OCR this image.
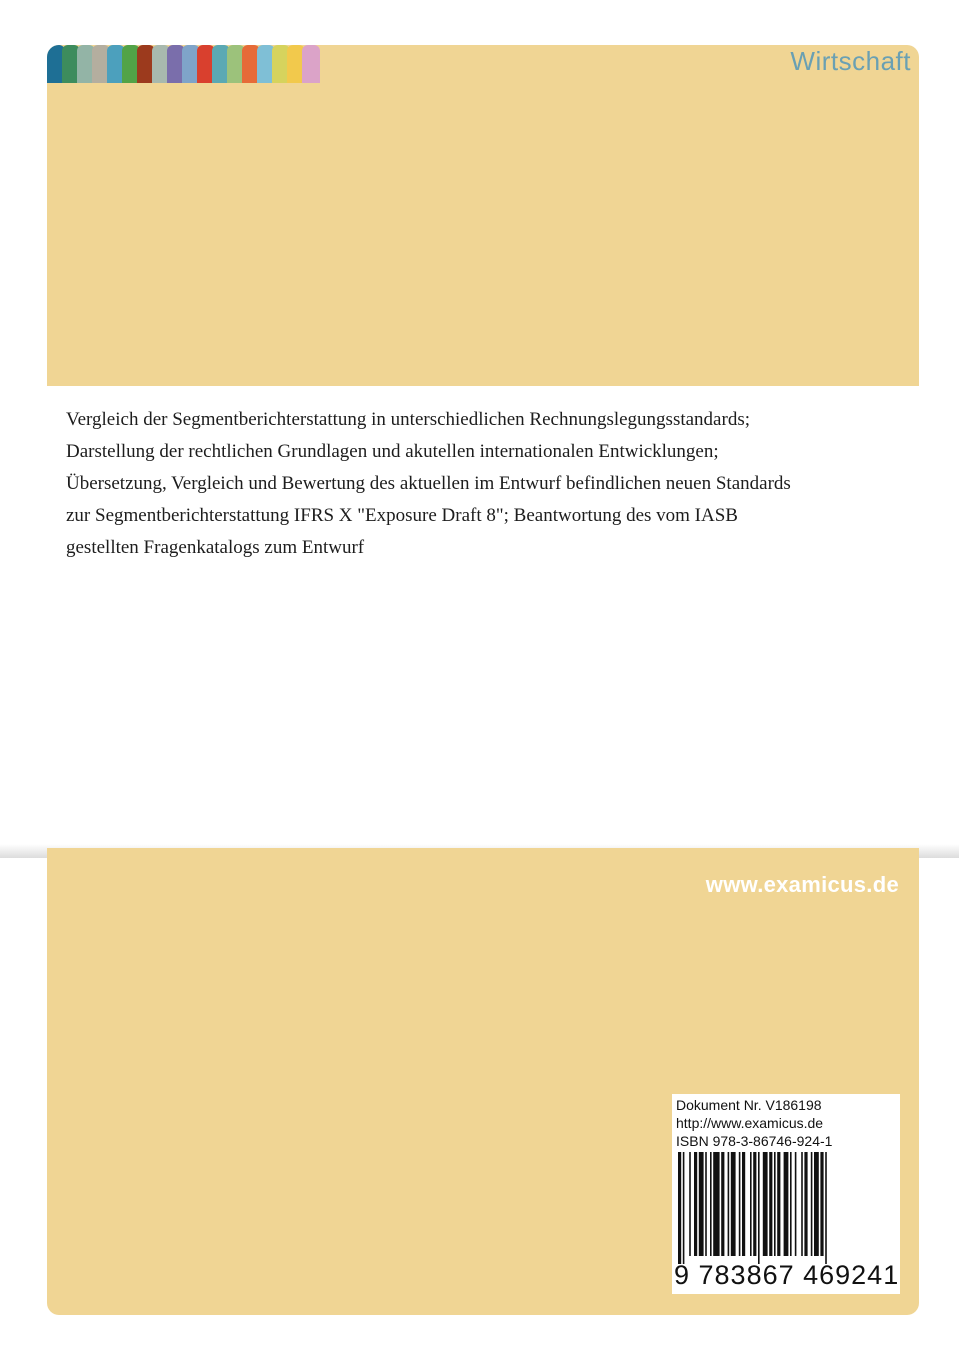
Wirtschaft

Vergleich der Segmentberichterstattung in unterschiedlichen Rechnungslegungsstandards; Darstellung der rechtlichen Grundlagen und akutellen internationalen Entwicklungen; Übersetzung, Vergleich und Bewertung des aktuellen im Entwurf befindlichen neuen Standards zur Segmentberichterstattung IFRS X "Exposure Draft 8"; Beantwortung des vom IASB gestellten Fragenkatalogs zum Entwurf

www.examicus.de
Dokument Nr. V186198
http://www.examicus.de
ISBN 978-3-86746-924-1
9 783867 469241
